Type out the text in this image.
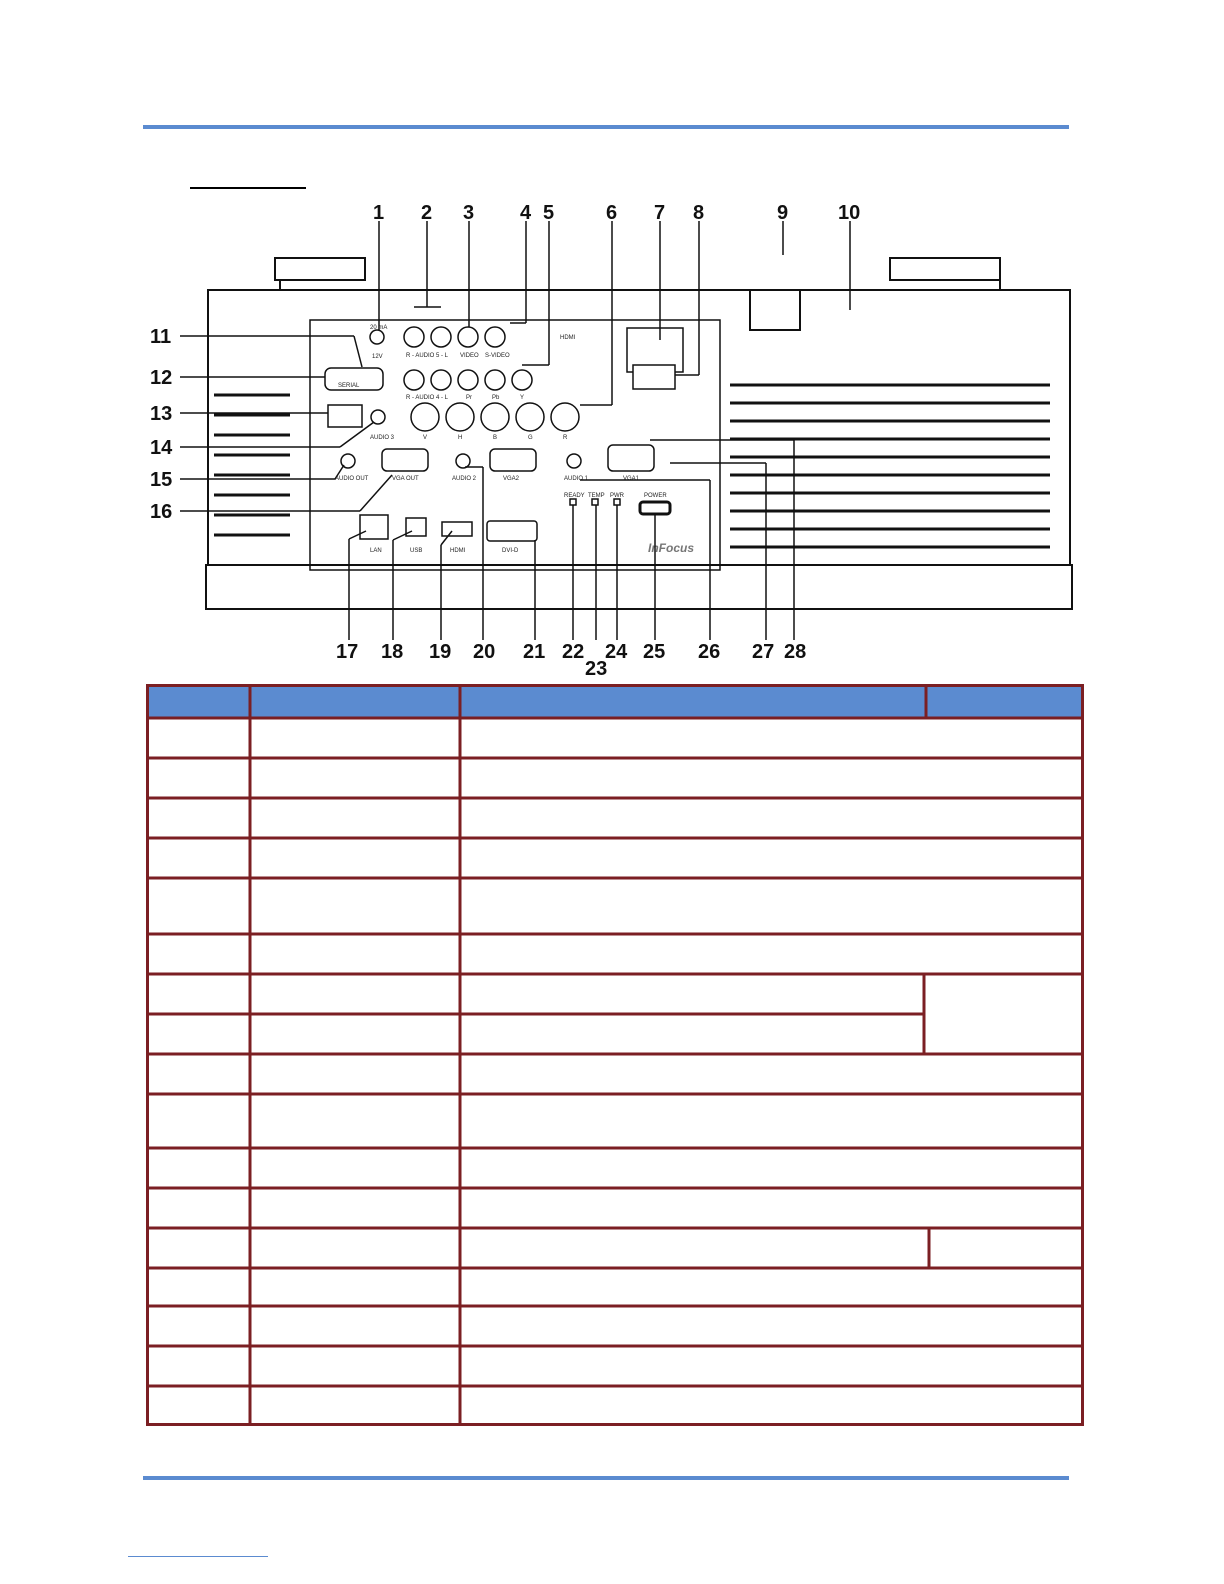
20 mA
12V	R - AUDIO 5 - L VIDEO S-VIDEO
R - AUDIO 4 - L	Pr	Pb	Y
SERIAL
AUDIO 3	V	H	B	G	R
AUDIO OUT	VGA OUT	AUDIO 2	VGA2	AUDIO 1	VGA1
LAN	USB	HDMI	DVI-D
READY TEMP PWR	POWER
InFocus
HDMI
1 2 3 4 5	6 7 8	9 10
11
12
13
14
15
16
17 18 19 20 21 22
23
24 25 26 27 28
